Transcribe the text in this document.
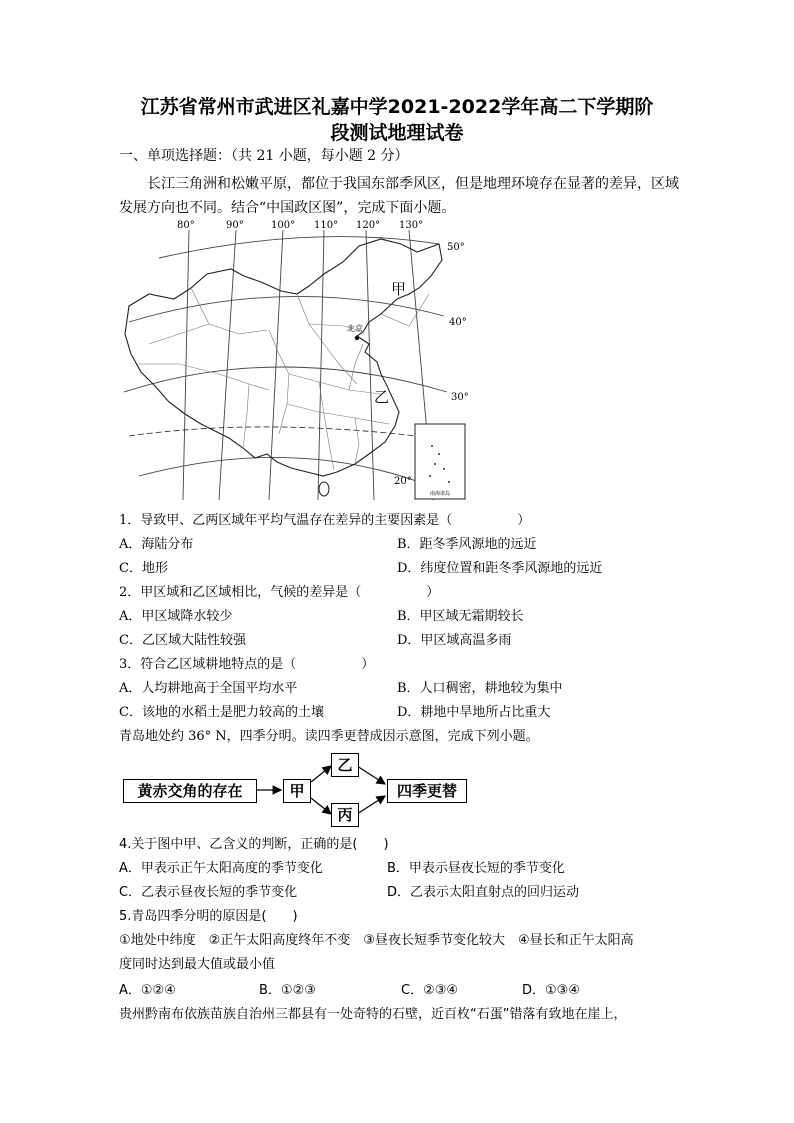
江苏省常州市武进区礼嘉中学2021-2022学年高二下学期阶
段测试地理试卷
一、单项选择题：（共 21 小题，每小题 2 分）
长江三角洲和松嫩平原，都位于我国东部季风区，但是地理环境存在显著的差异，区域发展方向也不同。结合“中国政区图”，完成下面小题。
80°	90°	100° 110° 120° 130°
50°
40°
30°
20°
甲
乙
北京
南海诸岛
1．导致甲、乙两区域年平均气温存在差异的主要因素是（　　　　　）
A．海陆分布	B．距冬季风源地的远近
C．地形	D．纬度位置和距冬季风源地的远近
2．甲区域和乙区域相比，气候的差异是（　　　　　）
A．甲区域降水较少	B．甲区域无霜期较长
C．乙区域大陆性较强	D．甲区域高温多雨
3．符合乙区域耕地特点的是（　　　　　）
A．人均耕地高于全国平均水平	B．人口稠密，耕地较为集中
C．该地的水稻土是肥力较高的土壤	D．耕地中旱地所占比重大
青岛地处约 36° N，四季分明。读四季更替成因示意图，完成下列小题。
黄赤交角的存在	甲
乙
丙
四季更替
4.关于图中甲、乙含义的判断，正确的是(　　)
A．甲表示正午太阳高度的季节变化	B．甲表示昼夜长短的季节变化
C．乙表示昼夜长短的季节变化	D．乙表示太阳直射点的回归运动
5.青岛四季分明的原因是(　　)
①地处中纬度　②正午太阳高度终年不变　③昼夜长短季节变化较大　④昼长和正午太阳高
度同时达到最大值或最小值
A．①②④	B．①②③	C．②③④	D．①③④
贵州黔南布依族苗族自治州三都县有一处奇特的石壁，近百枚“石蛋”错落有致地在崖上，
